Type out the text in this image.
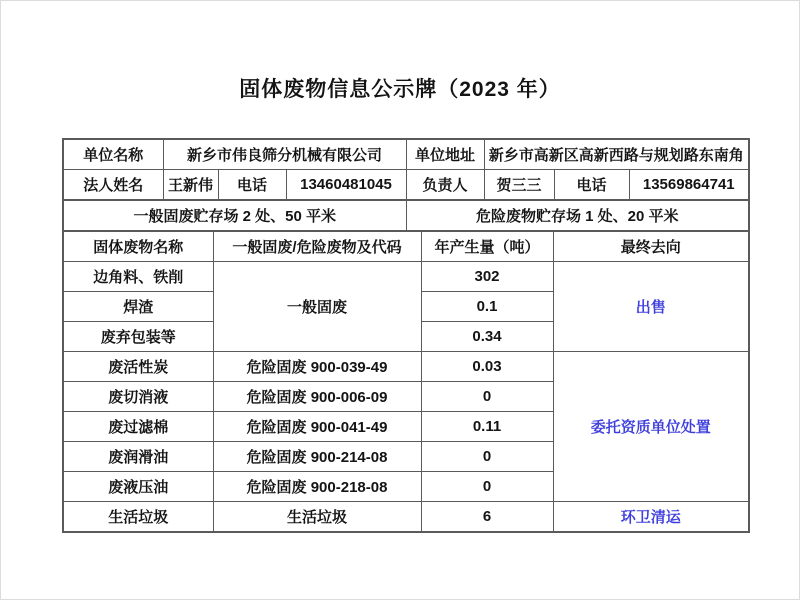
固体废物信息公示牌（2023 年）
单位名称	新乡市伟良筛分机械有限公司			单位地址	新乡市高新区高新西路与规划路东南角		
法人姓名	王新伟	电话	13460481045	负责人	贺三三	电话	13569864741
一般固废贮存场 2 处、50 平米	危险废物贮存场 1 处、20 平米
固体废物名称	一般固废/危险废物及代码	年产生量（吨）	最终去向
边角料、铁削	一般固废	302	出售
焊渣		0.1	
废弃包装等		0.34	
废活性炭	危险固废 900-039-49	0.03	委托资质单位处置
废切消液	危险固废 900-006-09	0	
废过滤棉	危险固废 900-041-49	0.11	
废润滑油	危险固废 900-214-08	0	
废液压油	危险固废 900-218-08	0	
生活垃圾	生活垃圾	6	环卫清运
